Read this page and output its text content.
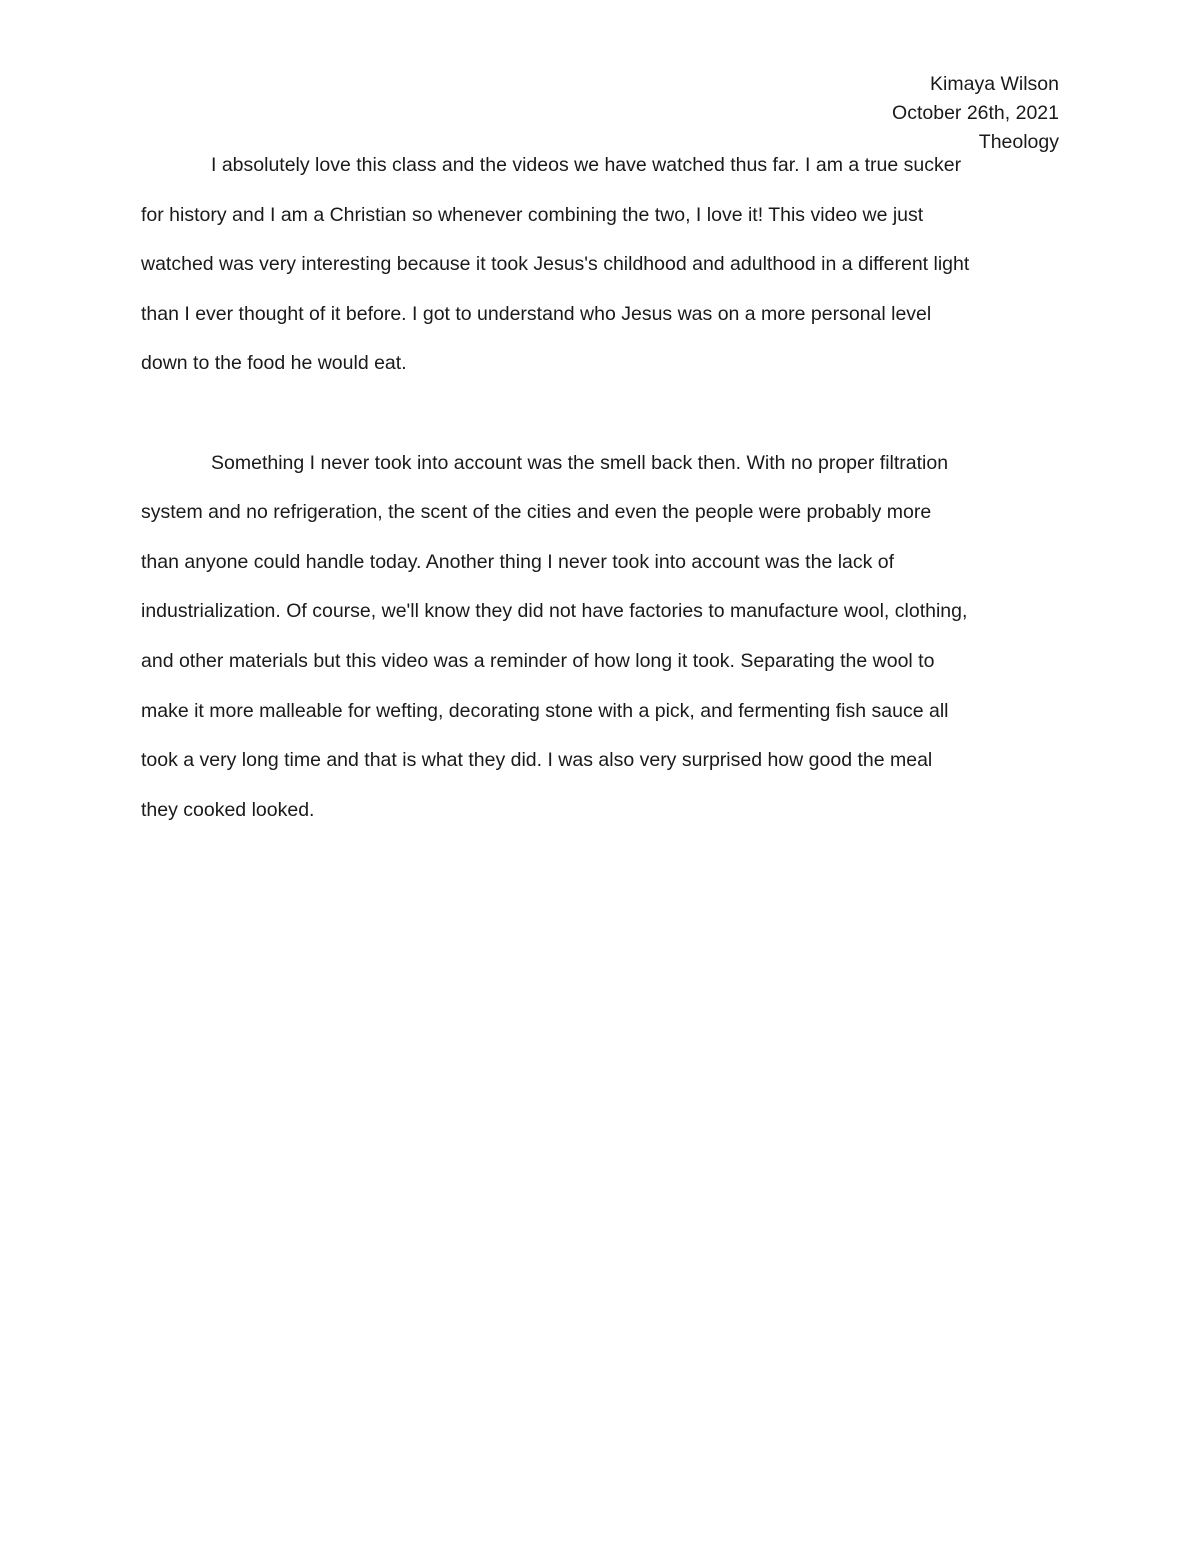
Kimaya Wilson
October 26th, 2021
Theology
I absolutely love this class and the videos we have watched thus far. I am a true sucker
for history and I am a Christian so whenever combining the two, I love it! This video we just
watched was very interesting because it took Jesus's childhood and adulthood in a different light
than I ever thought of it before. I got to understand who Jesus was on a more personal level
down to the food he would eat.
Something I never took into account was the smell back then. With no proper filtration
system and no refrigeration, the scent of the cities and even the people were probably more
than anyone could handle today. Another thing I never took into account was the lack of
industrialization. Of course, we'll know they did not have factories to manufacture wool, clothing,
and other materials but this video was a reminder of how long it took. Separating the wool to
make it more malleable for wefting, decorating stone with a pick, and fermenting fish sauce all
took a very long time and that is what they did. I was also very surprised how good the meal
they cooked looked.
